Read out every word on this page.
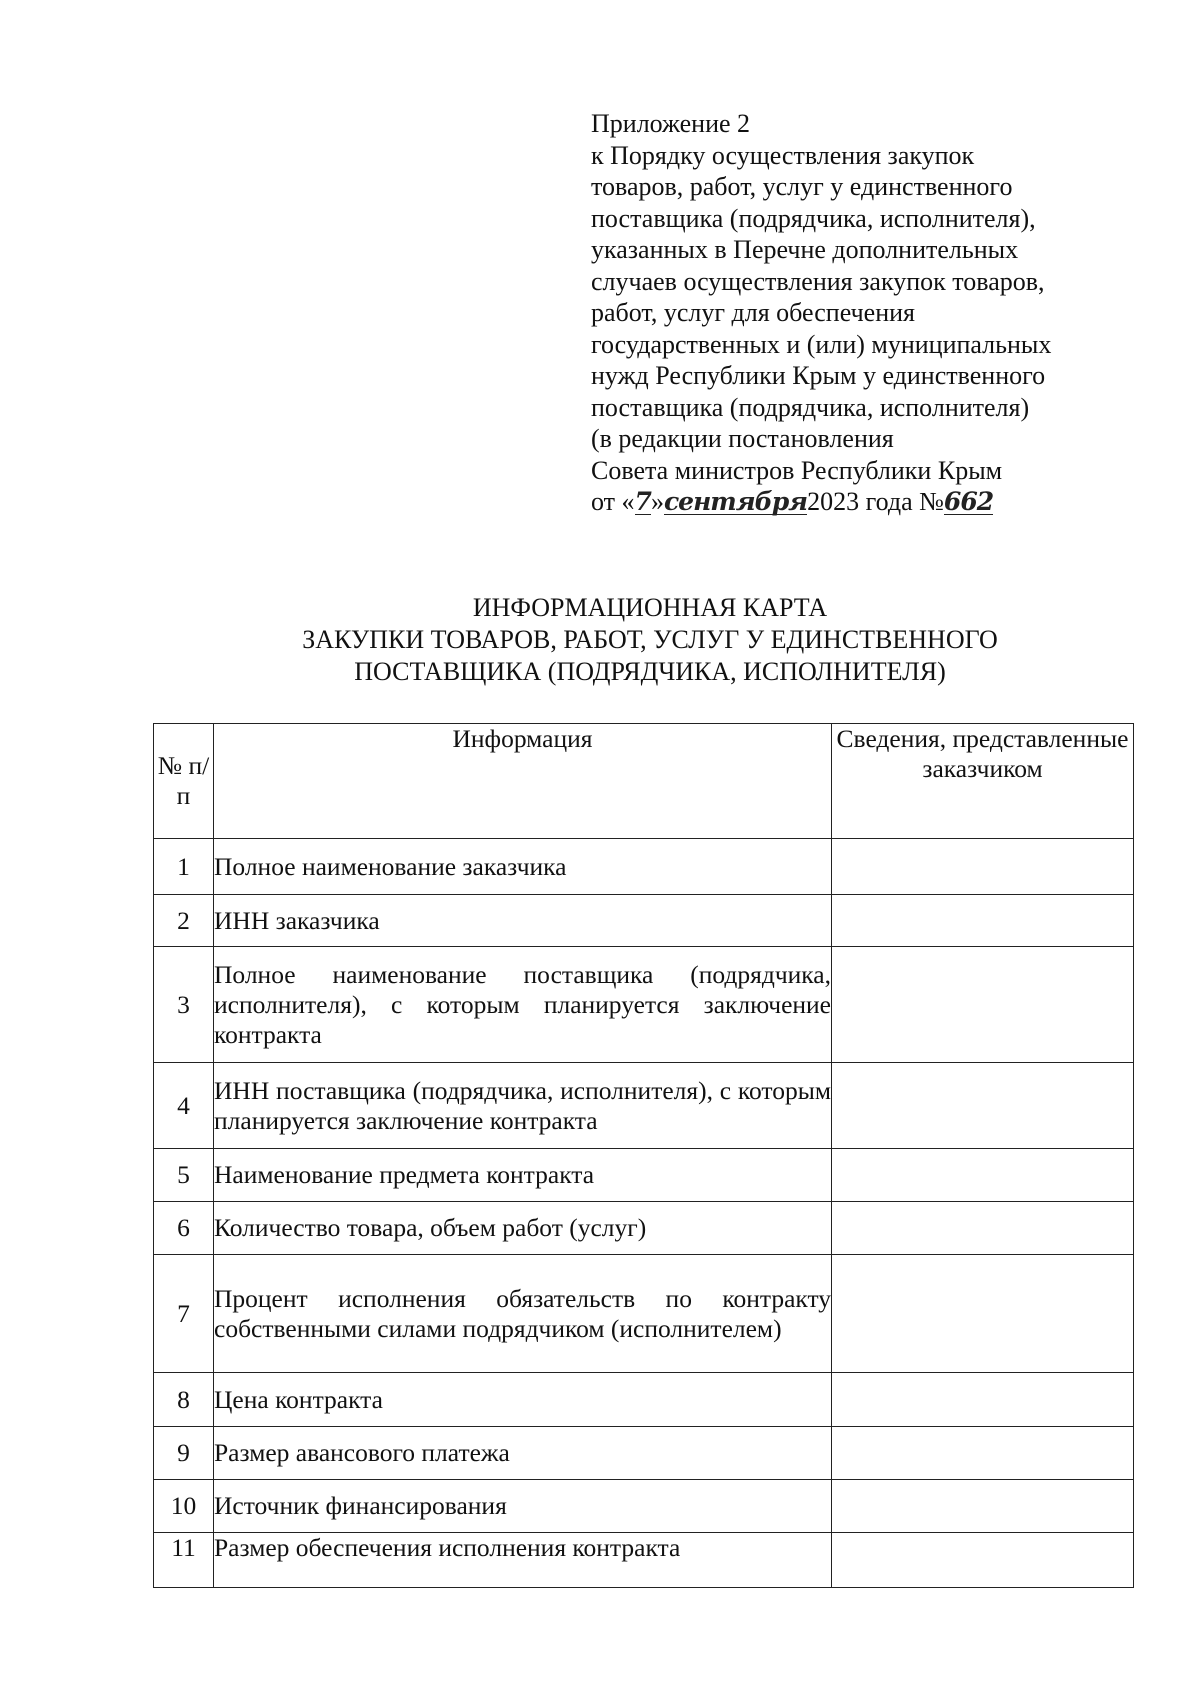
Приложение 2
к Порядку осуществления закупок
товаров, работ, услуг у единственного
поставщика (подрядчика, исполнителя),
указанных в Перечне дополнительных
случаев осуществления закупок товаров,
работ, услуг для обеспечения
государственных и (или) муниципальных
нужд Республики Крым у единственного
поставщика (подрядчика, исполнителя)
(в редакции постановления
Совета министров Республики Крым
от «7»сентября2023 года №662
ИНФОРМАЦИОННАЯ КАРТА
ЗАКУПКИ ТОВАРОВ, РАБОТ, УСЛУГ У ЕДИНСТВЕННОГО
ПОСТАВЩИКА (ПОДРЯДЧИКА, ИСПОЛНИТЕЛЯ)
№ п/п	Информация	Сведения, представленные заказчиком
1	Полное наименование заказчика	
2	ИНН заказчика	
3	Полное наименование поставщика (подрядчика, исполнителя), с которым планируется заключение контракта	
4	ИНН поставщика (подрядчика, исполнителя), с которым планируется заключение контракта	
5	Наименование предмета контракта	
6	Количество товара, объем работ (услуг)	
7	Процент исполнения обязательств по контракту собственными силами подрядчиком (исполнителем)	
8	Цена контракта	
9	Размер авансового платежа	
10	Источник финансирования	
11	Размер обеспечения исполнения контракта	
